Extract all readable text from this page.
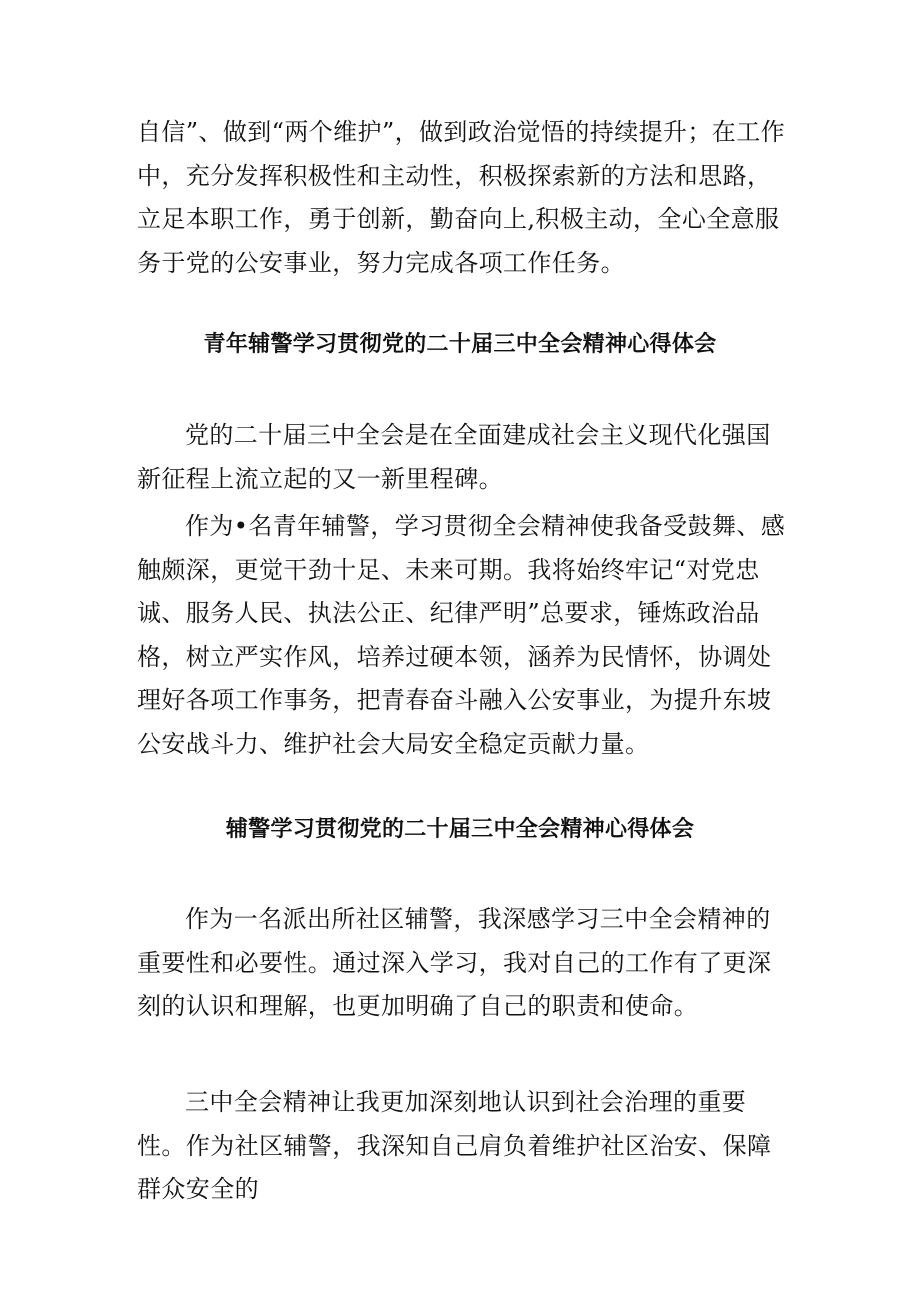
自信”、做到“两个维护”，做到政治觉悟的持续提升；在工作中，充分发挥积极性和主动性，积极探索新的方法和思路，立足本职工作，勇于创新，勤奋向上,积极主动，全心全意服务于党的公安事业，努力完成各项工作任务。

青年辅警学习贯彻党的二十届三中全会精神心得体会

党的二十届三中全会是在全面建成社会主义现代化强国新征程上流立起的又一新里程碑。

作为•名青年辅警，学习贯彻全会精神使我备受鼓舞、感触颇深，更觉干劲十足、未来可期。我将始终牢记“对党忠诚、服务人民、执法公正、纪律严明”总要求，锤炼政治品格，树立严实作风，培养过硬本领，涵养为民情怀，协调处理好各项工作事务，把青春奋斗融入公安事业，为提升东坡公安战斗力、维护社会大局安全稳定贡献力量。

辅警学习贯彻党的二十届三中全会精神心得体会

作为一名派出所社区辅警，我深感学习三中全会精神的重要性和必要性。通过深入学习，我对自己的工作有了更深刻的认识和理解，也更加明确了自己的职责和使命。

三中全会精神让我更加深刻地认识到社会治理的重要性。作为社区辅警，我深知自己肩负着维护社区治安、保障群众安全的
